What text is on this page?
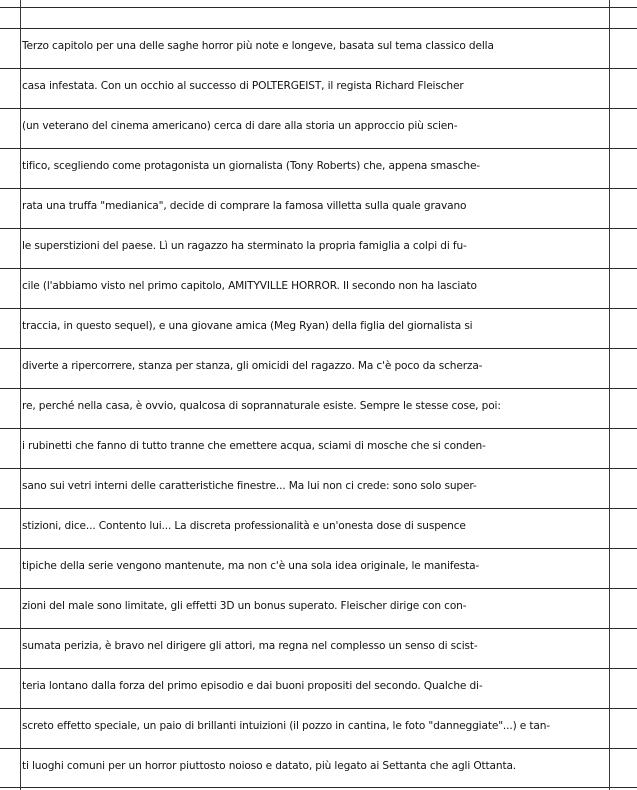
Terzo capitolo per una delle saghe horror più note e longeve, basata sul tema classico della
casa infestata. Con un occhio al successo di POLTERGEIST, il regista Richard Fleischer
(un veterano del cinema americano) cerca di dare alla storia un approccio più scien-
tifico, scegliendo come protagonista un giornalista (Tony Roberts) che, appena smasche-
rata una truffa "medianica", decide di comprare la famosa villetta sulla quale gravano
le superstizioni del paese. Lì un ragazzo ha sterminato la propria famiglia a colpi di fu-
cile (l'abbiamo visto nel primo capitolo, AMITYVILLE HORROR. Il secondo non ha lasciato
traccia, in questo sequel), e una giovane amica (Meg Ryan) della figlia del giornalista si
diverte a ripercorrere, stanza per stanza, gli omicidi del ragazzo. Ma c'è poco da scherza-
re, perché nella casa, è ovvio, qualcosa di soprannaturale esiste. Sempre le stesse cose, poi:
i rubinetti che fanno di tutto tranne che emettere acqua, sciami di mosche che si conden-
sano sui vetri interni delle caratteristiche finestre... Ma lui non ci crede: sono solo super-
stizioni, dice... Contento lui... La discreta professionalità e un'onesta dose di suspence
tipiche della serie vengono mantenute, ma non c'è una sola idea originale, le manifesta-
zioni del male sono limitate, gli effetti 3D un bonus superato. Fleischer dirige con con-
sumata perizia, è bravo nel dirigere gli attori, ma regna nel complesso un senso di scist-
teria lontano dalla forza del primo episodio e dai buoni propositi del secondo. Qualche di-
screto effetto speciale, un paio di brillanti intuizioni (il pozzo in cantina, le foto "danneggiate"...) e tan-
ti luoghi comuni per un horror piuttosto noioso e datato, più legato ai Settanta che agli Ottanta.
